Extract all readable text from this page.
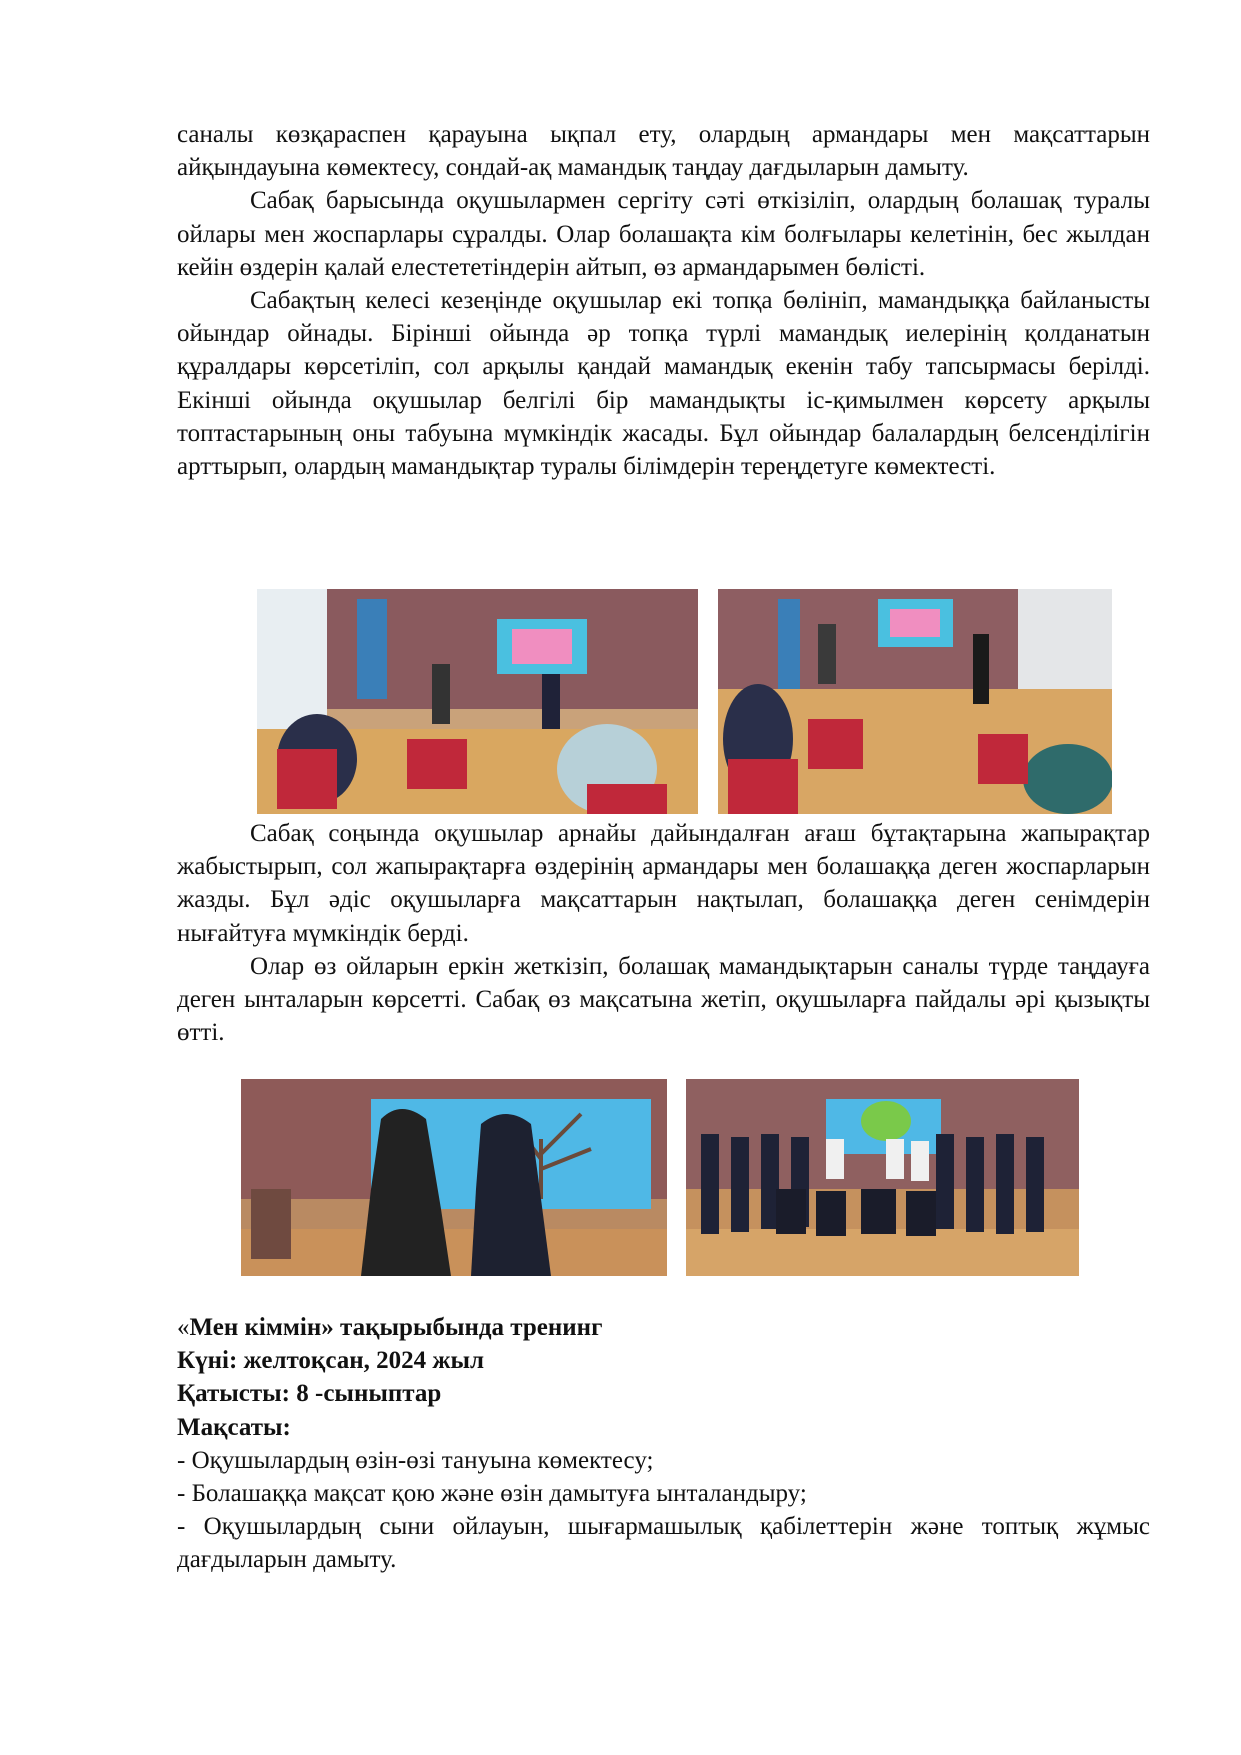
саналы көзқараспен қарауына ықпал ету, олардың армандары мен мақсаттарын айқындауына көмектесу, сондай-ақ мамандық таңдау дағдыларын дамыту.

Сабақ барысында оқушылармен сергіту сәті өткізіліп, олардың болашақ туралы ойлары мен жоспарлары сұралды. Олар болашақта кім болғылары келетінін, бес жылдан кейін өздерін қалай елестететіндерін айтып, өз армандарымен бөлісті.

Сабақтың келесі кезеңінде оқушылар екі топқа бөлініп, мамандыққа байланысты ойындар ойнады. Бірінші ойында әр топқа түрлі мамандық иелерінің қолданатын құралдары көрсетіліп, сол арқылы қандай мамандық екенін табу тапсырмасы берілді. Екінші ойында оқушылар белгілі бір мамандықты іс-қимылмен көрсету арқылы топтастарының оны табуына мүмкіндік жасады. Бұл ойындар балалардың белсенділігін арттырып, олардың мамандықтар туралы білімдерін тереңдетуге көмектесті.

Сабақ соңында оқушылар арнайы дайындалған ағаш бұтақтарына жапырақтар жабыстырып, сол жапырақтарға өздерінің армандары мен болашаққа деген жоспарларын жазды. Бұл әдіс оқушыларға мақсаттарын нақтылап, болашаққа деген сенімдерін нығайтуға мүмкіндік берді.

Олар өз ойларын еркін жеткізіп, болашақ мамандықтарын саналы түрде таңдауға деген ынталарын көрсетті. Сабақ өз мақсатына жетіп, оқушыларға пайдалы әрі қызықты өтті.

«Мен кіммін» тақырыбында тренинг

Күні: желтоқсан, 2024 жыл

Қатысты: 8 -сыныптар

Мақсаты:

- Оқушылардың өзін-өзі тануына көмектесу;

- Болашаққа мақсат қою және өзін дамытуға ынталандыру;

- Оқушылардың сыни ойлауын, шығармашылық қабілеттерін және топтық жұмыс дағдыларын дамыту.
